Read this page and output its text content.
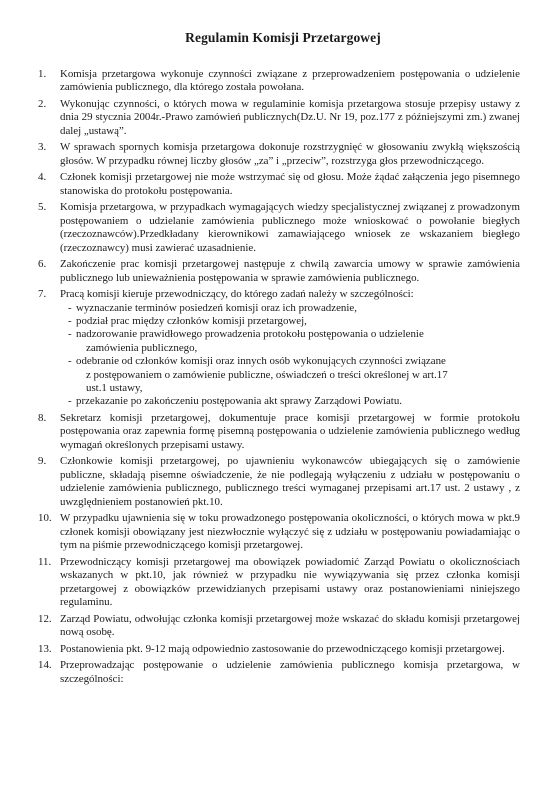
Regulamin Komisji Przetargowej
1.	Komisja przetargowa wykonuje czynności związane z przeprowadzeniem postępowania o udzielenie zamówienia publicznego, dla którego została powołana.
2.	Wykonując czynności, o których mowa w regulaminie komisja przetargowa stosuje przepisy ustawy z dnia 29 stycznia 2004r.-Prawo zamówień publicznych(Dz.U. Nr 19, poz.177 z późniejszymi zm.) zwanej dalej „ustawą”.
3.	W sprawach spornych komisja przetargowa dokonuje rozstrzygnięć w głosowaniu zwykłą większością głosów. W przypadku równej liczby głosów „za” i „przeciw”, rozstrzyga głos przewodniczącego.
4.	Członek komisji przetargowej nie może wstrzymać się od głosu. Może żądać załączenia jego pisemnego stanowiska do protokołu postępowania.
5.	Komisja przetargowa, w przypadkach wymagających wiedzy specjalistycznej związanej z prowadzonym postępowaniem o udzielanie zamówienia publicznego może wnioskować o powołanie biegłych (rzeczoznawców).Przedkładany kierownikowi zamawiającego wniosek ze wskazaniem biegłego (rzeczoznawcy) musi zawierać uzasadnienie.
6.	Zakończenie prac komisji przetargowej następuje z chwilą zawarcia umowy w sprawie zamówienia publicznego lub unieważnienia postępowania w sprawie zamówienia publicznego.
7.	Pracą komisji kieruje przewodniczący, do którego zadań należy w szczególności:
- wyznaczanie terminów posiedzeń komisji oraz ich prowadzenie,
- podział prac między członków komisji przetargowej,
- nadzorowanie prawidłowego prowadzenia protokołu postępowania o udzielenie
zamówienia publicznego,
- odebranie od członków komisji oraz innych osób wykonujących czynności związane
z postępowaniem o zamówienie publiczne, oświadczeń o treści określonej w art.17
ust.1 ustawy,
- przekazanie po zakończeniu postępowania akt sprawy Zarządowi Powiatu.
8.	Sekretarz komisji przetargowej, dokumentuje prace komisji przetargowej w formie protokołu postępowania oraz zapewnia formę pisemną postępowania o udzielenie zamówienia publicznego według wymagań określonych przepisami ustawy.
9.	Członkowie komisji przetargowej, po ujawnieniu wykonawców ubiegających się o zamówienie publiczne, składają pisemne oświadczenie, że nie podlegają wyłączeniu z udziału w postępowaniu o udzielenie zamówienia publicznego, publicznego treści wymaganej przepisami art.17 ust. 2 ustawy , z uwzględnieniem postanowień pkt.10.
10. W przypadku ujawnienia się w toku prowadzonego postępowania okoliczności, o których mowa w pkt.9 członek komisji obowiązany jest niezwłocznie wyłączyć się z udziału w postępowaniu powiadamiając o tym na piśmie przewodniczącego komisji przetargowej.
11. Przewodniczący komisji przetargowej ma obowiązek powiadomić Zarząd Powiatu o okolicznościach wskazanych w pkt.10, jak również w przypadku nie wywiązywania się przez członka komisji przetargowej z obowiązków przewidzianych przepisami ustawy oraz postanowieniami niniejszego regulaminu.
12. Zarząd Powiatu, odwołując członka komisji przetargowej może wskazać do składu komisji przetargowej nową osobę.
13. Postanowienia pkt. 9-12 mają odpowiednio zastosowanie do przewodniczącego komisji przetargowej.
14. Przeprowadzając postępowanie o udzielenie zamówienia publicznego komisja przetargowa, w szczególności:
